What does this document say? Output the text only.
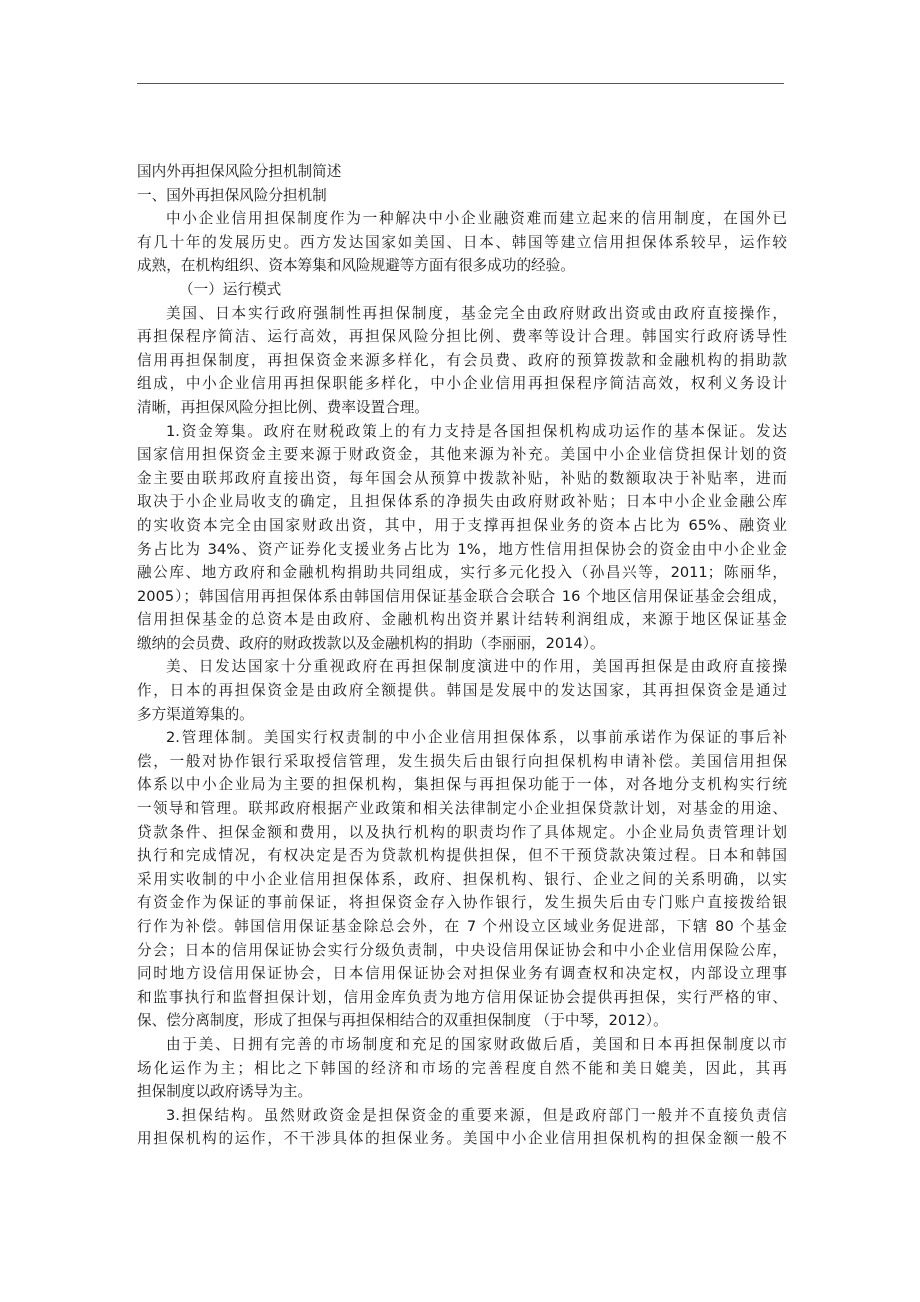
国内外再担保风险分担机制简述

一、国外再担保风险分担机制

中小企业信用担保制度作为一种解决中小企业融资难而建立起来的信用制度，在国外已

有几十年的发展历史。西方发达国家如美国、日本、韩国等建立信用担保体系较早，运作较

成熟，在机构组织、资本筹集和风险规避等方面有很多成功的经验。

（一）运行模式

美国、日本实行政府强制性再担保制度，基金完全由政府财政出资或由政府直接操作，

再担保程序简洁、运行高效，再担保风险分担比例、费率等设计合理。韩国实行政府诱导性

信用再担保制度，再担保资金来源多样化，有会员费、政府的预算拨款和金融机构的捐助款

组成，中小企业信用再担保职能多样化，中小企业信用再担保程序简洁高效，权利义务设计

清晰，再担保风险分担比例、费率设置合理。

1.资金筹集。政府在财税政策上的有力支持是各国担保机构成功运作的基本保证。发达

国家信用担保资金主要来源于财政资金，其他来源为补充。美国中小企业信贷担保计划的资

金主要由联邦政府直接出资，每年国会从预算中拨款补贴，补贴的数额取决于补贴率，进而

取决于小企业局收支的确定，且担保体系的净损失由政府财政补贴；日本中小企业金融公库

的实收资本完全由国家财政出资，其中，用于支撑再担保业务的资本占比为 65%、融资业

务占比为 34%、资产证券化支援业务占比为 1%，地方性信用担保协会的资金由中小企业金

融公库、地方政府和金融机构捐助共同组成，实行多元化投入（孙昌兴等，2011；陈丽华，

2005）；韩国信用再担保体系由韩国信用保证基金联合会联合 16 个地区信用保证基金会组成，

信用担保基金的总资本是由政府、金融机构出资并累计结转利润组成，来源于地区保证基金

缴纳的会员费、政府的财政拨款以及金融机构的捐助（李丽丽，2014）。

美、日发达国家十分重视政府在再担保制度演进中的作用，美国再担保是由政府直接操

作，日本的再担保资金是由政府全额提供。韩国是发展中的发达国家，其再担保资金是通过

多方渠道筹集的。

2.管理体制。美国实行权责制的中小企业信用担保体系，以事前承诺作为保证的事后补

偿，一般对协作银行采取授信管理，发生损失后由银行向担保机构申请补偿。美国信用担保

体系以中小企业局为主要的担保机构，集担保与再担保功能于一体，对各地分支机构实行统

一领导和管理。联邦政府根据产业政策和相关法律制定小企业担保贷款计划，对基金的用途、

贷款条件、担保金额和费用，以及执行机构的职责均作了具体规定。小企业局负责管理计划

执行和完成情况，有权决定是否为贷款机构提供担保，但不干预贷款决策过程。日本和韩国

采用实收制的中小企业信用担保体系，政府、担保机构、银行、企业之间的关系明确，以实

有资金作为保证的事前保证，将担保资金存入协作银行，发生损失后由专门账户直接拨给银

行作为补偿。韩国信用保证基金除总会外，在 7 个州设立区域业务促进部，下辖 80 个基金

分会；日本的信用保证协会实行分级负责制，中央设信用保证协会和中小企业信用保险公库，

同时地方设信用保证协会，日本信用保证协会对担保业务有调查权和决定权，内部设立理事

和监事执行和监督担保计划，信用金库负责为地方信用保证协会提供再担保，实行严格的审、

保、偿分离制度，形成了担保与再担保相结合的双重担保制度 （于中琴，2012）。

由于美、日拥有完善的市场制度和充足的国家财政做后盾，美国和日本再担保制度以市

场化运作为主；相比之下韩国的经济和市场的完善程度自然不能和美日媲美，因此，其再

担保制度以政府诱导为主。

3.担保结构。虽然财政资金是担保资金的重要来源，但是政府部门一般并不直接负责信

用担保机构的运作，不干涉具体的担保业务。美国中小企业信用担保机构的担保金额一般不
